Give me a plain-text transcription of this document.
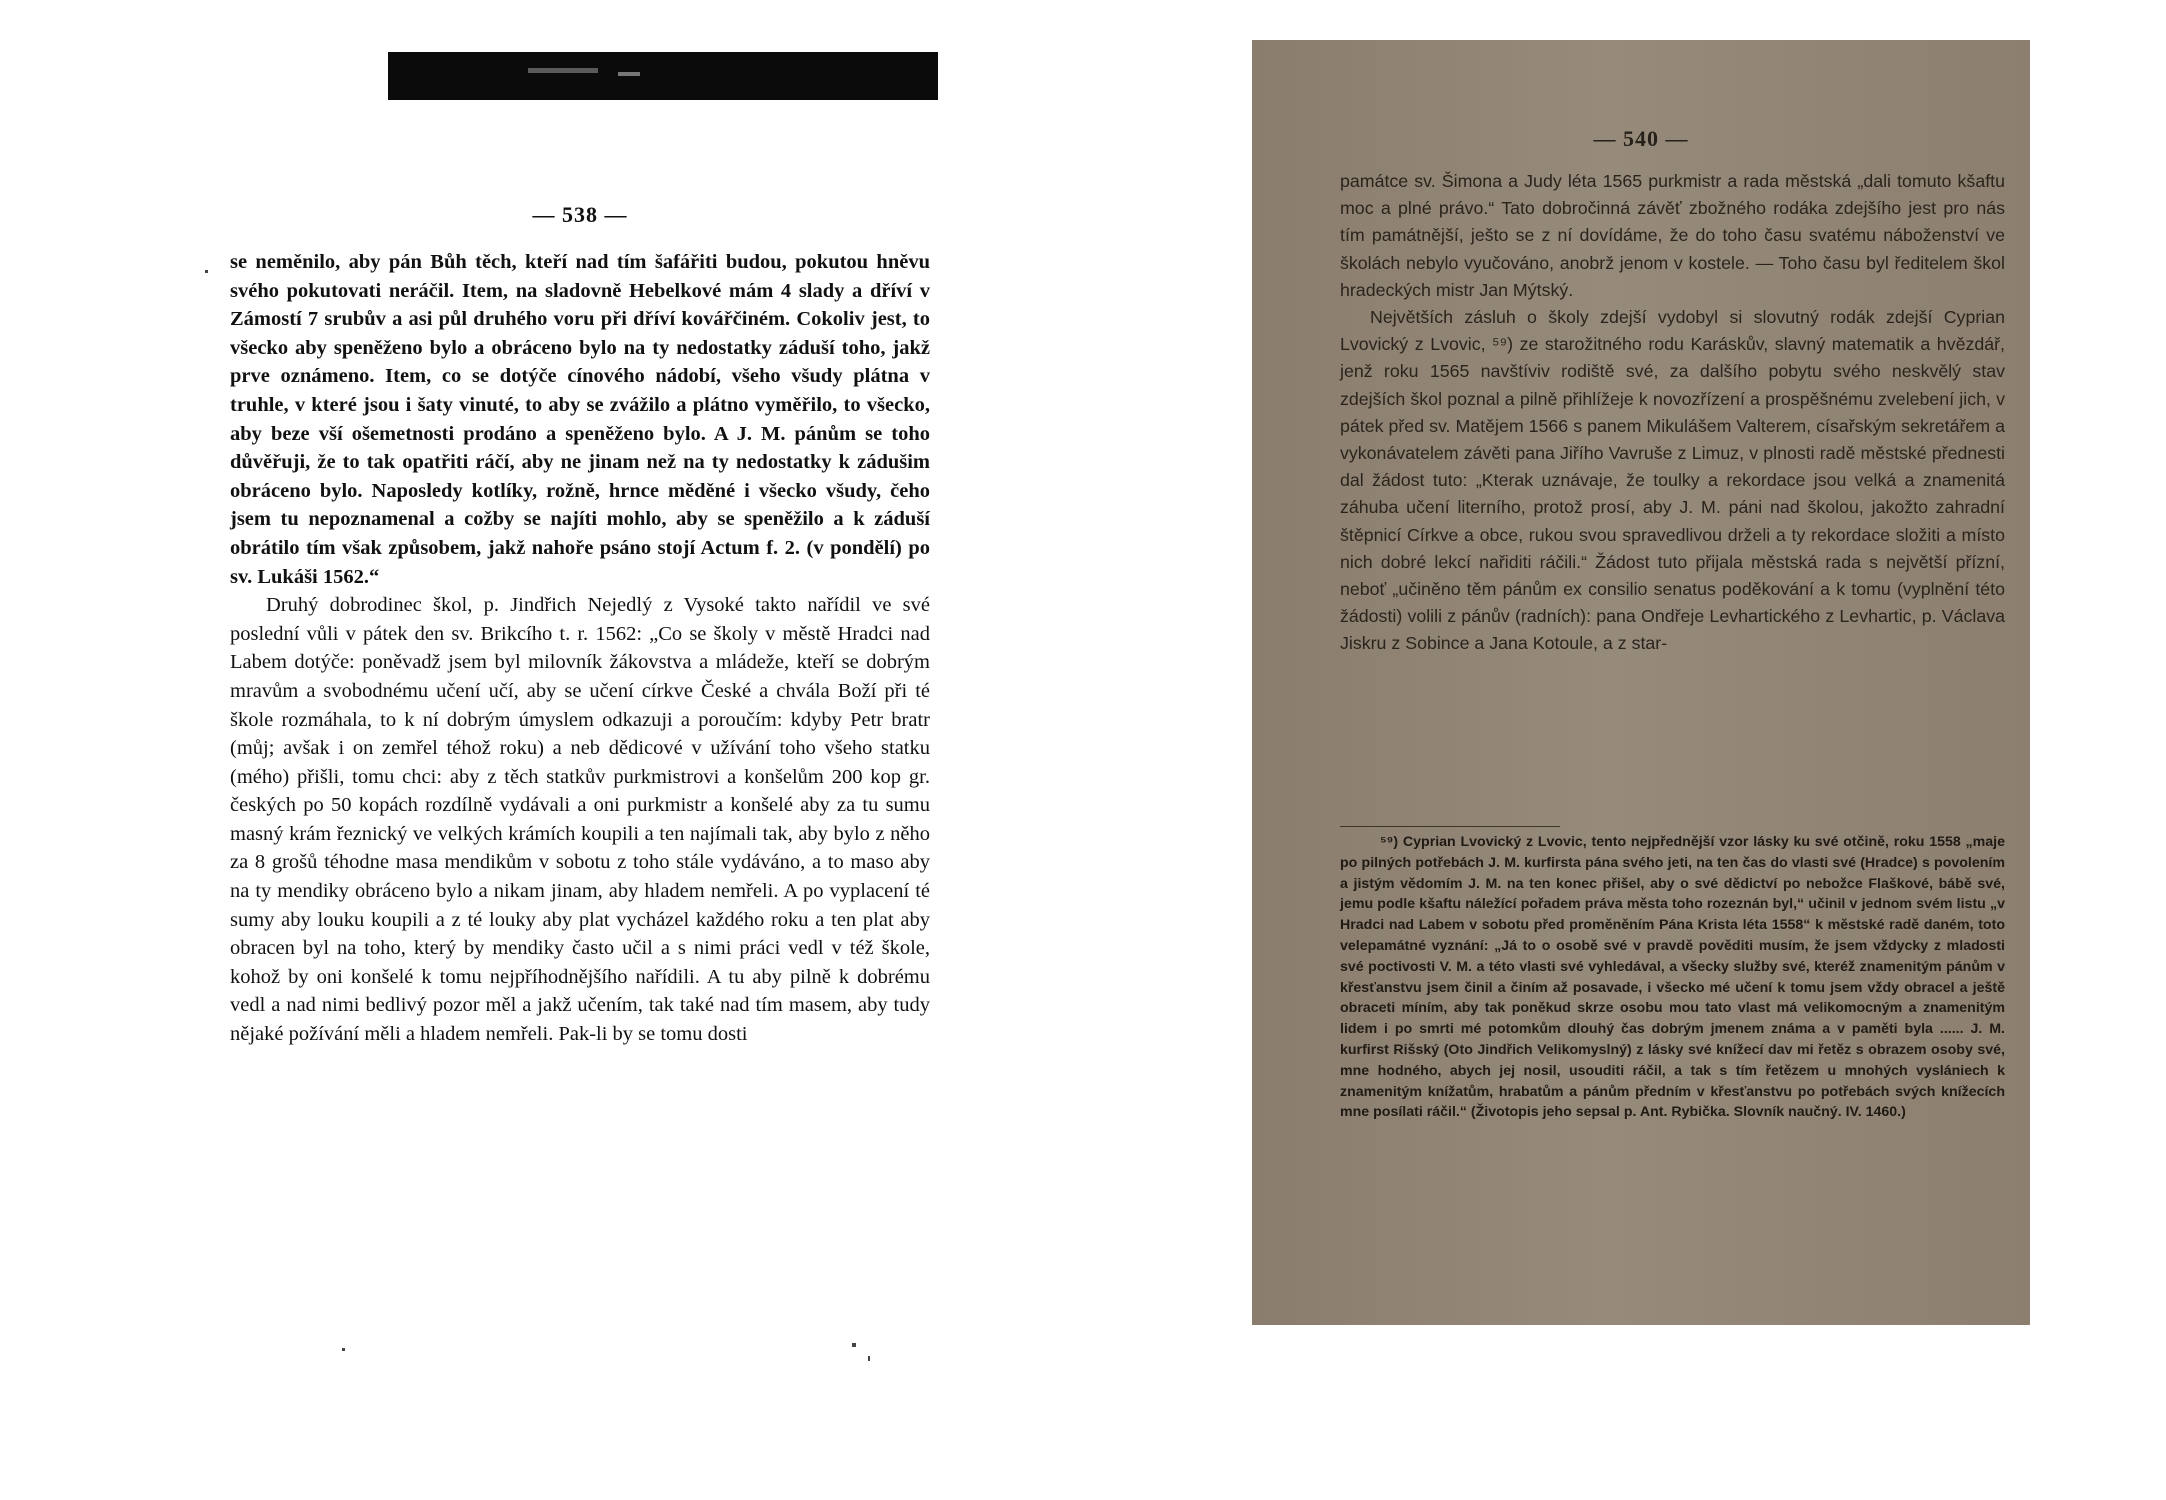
— 538 —

se neměnilo, aby pán Bůh těch, kteří nad tím šafářiti budou, pokutou hněvu svého pokutovati neráčil. Item, na sladovně Hebelkové mám 4 slady a dříví v Zámostí 7 srubův a asi půl druhého voru při dříví kovářčiném. Cokoliv jest, to všecko aby speněženo bylo a obráceno bylo na ty nedostatky záduší toho, jakž prve oznámeno. Item, co se dotýče cínového nádobí, všeho všudy plátna v truhle, v které jsou i šaty vinuté, to aby se zvážilo a plátno vyměřilo, to všecko, aby beze vší ošemetnosti prodáno a speněženo bylo. A J. M. pánům se toho důvěřuji, že to tak opatřiti ráčí, aby ne jinam než na ty nedostatky k zádušim obráceno bylo. Naposledy kotlíky, rožně, hrnce měděné i všecko všudy, čeho jsem tu nepoznamenal a cožby se najíti mohlo, aby se speněžilo a k záduší obrátilo tím však způsobem, jakž nahoře psáno stojí Actum f. 2. (v pondělí) po sv. Lukáši 1562.“

Druhý dobrodinec škol, p. Jindřich Nejedlý z Vysoké takto nařídil ve své poslední vůli v pátek den sv. Brikcího t. r. 1562: „Co se školy v městě Hradci nad Labem dotýče: poněvadž jsem byl milovník žákovstva a mládeže, kteří se dobrým mravům a svobodnému učení učí, aby se učení církve České a chvála Boží při té škole rozmáhala, to k ní dobrým úmyslem odkazuji a poroučím: kdyby Petr bratr (můj; avšak i on zemřel téhož roku) a neb dědicové v užívání toho všeho statku (mého) přišli, tomu chci: aby z těch statkův purkmistrovi a konšelům 200 kop gr. českých po 50 kopách rozdílně vydávali a oni purkmistr a konšelé aby za tu sumu masný krám řeznický ve velkých krámích koupili a ten najímali tak, aby bylo z něho za 8 grošů téhodne masa mendikům v sobotu z toho stále vydáváno, a to maso aby na ty mendiky obráceno bylo a nikam jinam, aby hladem nemřeli. A po vyplacení té sumy aby louku koupili a z té louky aby plat vycházel každého roku a ten plat aby obracen byl na toho, který by mendiky často učil a s nimi práci vedl v též škole, kohož by oni konšelé k tomu nejpříhodnějšího nařídili. A tu aby pilně k dobrému vedl a nad nimi bedlivý pozor měl a jakž učením, tak také nad tím masem, aby tudy nějaké požívání měli a hladem nemřeli. Pak-li by se tomu dosti

— 540 —

památce sv. Šimona a Judy léta 1565 purkmistr a rada městská „dali tomuto kšaftu moc a plné právo.“ Tato dobročinná závěť zbožného rodáka zdejšího jest pro nás tím památnější, ješto se z ní dovídáme, že do toho času svatému náboženství ve školách nebylo vyučováno, anobrž jenom v kostele. — Toho času byl ředitelem škol hradeckých mistr Jan Mýtský.

Největších zásluh o školy zdejší vydobyl si slovutný rodák zdejší Cyprian Lvovický z Lvovic, ⁵⁹) ze starožitného rodu Karáskův, slavný matematik a hvězdář, jenž roku 1565 navštíviv rodiště své, za dalšího pobytu svého neskvělý stav zdejších škol poznal a pilně přihlížeje k novozřízení a prospěšnému zvelebení jich, v pátek před sv. Matějem 1566 s panem Mikulášem Valterem, císařským sekretářem a vykonávatelem závěti pana Jiřího Vavruše z Limuz, v plnosti radě městské přednesti dal žádost tuto: „Kterak uznávaje, že toulky a rekordace jsou velká a znamenitá záhuba učení literního, protož prosí, aby J. M. páni nad školou, jakožto zahradní štěpnicí Církve a obce, rukou svou spravedlivou drželi a ty rekordace složiti a místo nich dobré lekcí nařiditi ráčili.“ Žádost tuto přijala městská rada s největší přízní, neboť „učiněno těm pánům ex consilio senatus poděkování a k tomu (vyplnění této žádosti) volili z pánův (radních): pana Ondřeje Levhartického z Levhartic, p. Václava Jiskru z Sobince a Jana Kotoule, a z star-

⁵⁹) Cyprian Lvovický z Lvovic, tento nejpřednější vzor lásky ku své otčině, roku 1558 „maje po pilných potřebách J. M. kurfirsta pána svého jeti, na ten čas do vlasti své (Hradce) s povolením a jistým vědomím J. M. na ten konec přišel, aby o své dědictví po nebožce Flaškové, bábě své, jemu podle kšaftu náležící pořadem práva města toho rozeznán byl,“ učinil v jednom svém listu „v Hradci nad Labem v sobotu před proměněním Pána Krista léta 1558“ k městské radě daném, toto velepamátné vyznání: „Já to o osobě své v pravdě pověditi musím, že jsem vždycky z mladosti své poctivosti V. M. a této vlasti své vyhledával, a všecky služby své, kteréž znamenitým pánům v křesťanstvu jsem činil a činím až posavade, i všecko mé učení k tomu jsem vždy obracel a ještě obraceti míním, aby tak poněkud skrze osobu mou tato vlast má velikomocným a znamenitým lidem i po smrti mé potomkům dlouhý čas dobrým jmenem známa a v paměti byla ...... J. M. kurfirst Rišský (Oto Jindřich Velikomyslný) z lásky své knížecí dav mi řetěz s obrazem osoby své, mne hodného, abych jej nosil, usouditi ráčil, a tak s tím řetězem u mnohých vyslániech k znamenitým knížatům, hrabatům a pánům předním v křesťanstvu po potřebách svých knížecích mne posílati ráčil.“ (Životopis jeho sepsal p. Ant. Rybička. Slovník naučný. IV. 1460.)
